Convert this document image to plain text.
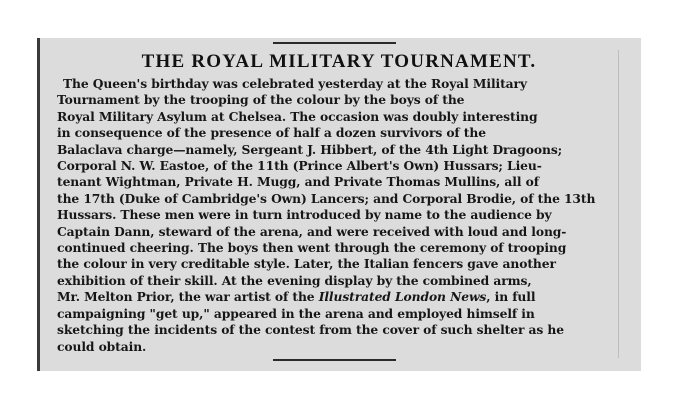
THE ROYAL MILITARY TOURNAMENT.

The Queen's birthday was celebrated yesterday at the Royal Military
Tournament by the trooping of the colour by the boys of the
Royal Military Asylum at Chelsea. The occasion was doubly interesting
in consequence of the presence of half a dozen survivors of the
Balaclava charge—namely, Sergeant J. Hibbert, of the 4th Light Dragoons;
Corporal N. W. Eastoe, of the 11th (Prince Albert's Own) Hussars; Lieu-
tenant Wightman, Private H. Mugg, and Private Thomas Mullins, all of
the 17th (Duke of Cambridge's Own) Lancers; and Corporal Brodie, of the 13th
Hussars. These men were in turn introduced by name to the audience by
Captain Dann, steward of the arena, and were received with loud and long-
continued cheering. The boys then went through the ceremony of trooping
the colour in very creditable style. Later, the Italian fencers gave another
exhibition of their skill. At the evening display by the combined arms,
Mr. Melton Prior, the war artist of the Illustrated London News, in full
campaigning "get up," appeared in the arena and employed himself in
sketching the incidents of the contest from the cover of such shelter as he
could obtain.
